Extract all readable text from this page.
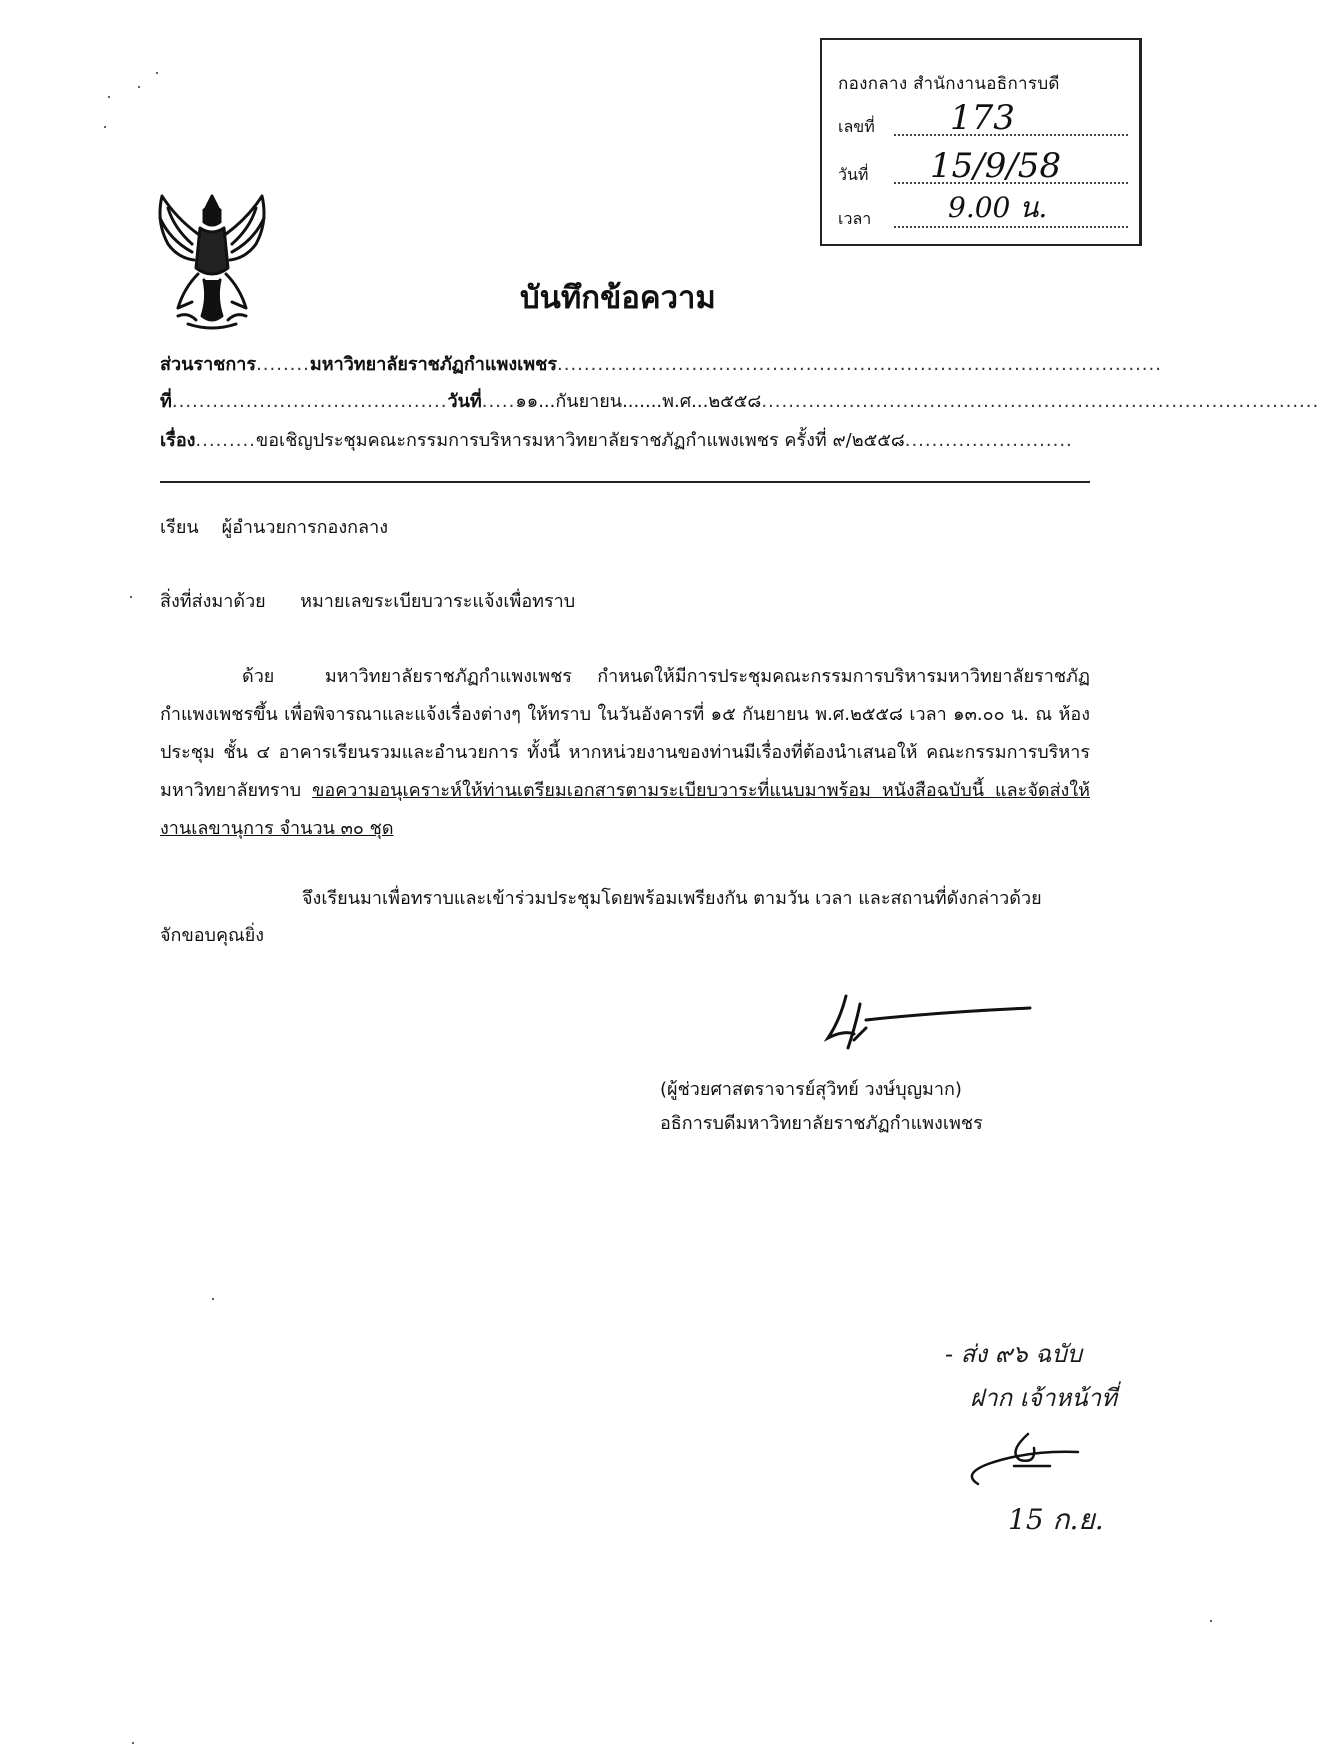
กองกลาง สำนักงานอธิการบดี
เลขที่ 173
วันที่ 15/9/58
เวลา	9.00 น.
บันทึกข้อความ
ส่วนราชการ........มหาวิทยาลัยราชภัฏกำแพงเพชร..........................................................................................
ที่.........................................วันที่.....๑๑...กันยายน.......พ.ศ...๒๕๕๘...................................................................................
เรื่อง.........ขอเชิญประชุมคณะกรรมการบริหารมหาวิทยาลัยราชภัฏกำแพงเพชร ครั้งที่ ๙/๒๕๕๘.........................
เรียน ผู้อำนวยการกองกลาง
สิ่งที่ส่งมาด้วย หมายเลขระเบียบวาระแจ้งเพื่อทราบ
ด้วย	มหาวิทยาลัยราชภัฏกำแพงเพชร กำหนดให้มีการประชุมคณะกรรมการบริหารมหาวิทยาลัยราชภัฏ กำแพงเพชรขึ้น เพื่อพิจารณาและแจ้งเรื่องต่างๆ ให้ทราบ ในวันอังคารที่ ๑๕ กันยายน พ.ศ.๒๕๕๘ เวลา ๑๓.๐๐ น. ณ ห้องประชุม ชั้น ๔ อาคารเรียนรวมและอำนวยการ ทั้งนี้ หากหน่วยงานของท่านมีเรื่องที่ต้องนำเสนอให้ คณะกรรมการบริหารมหาวิทยาลัยทราบ ขอความอนุเคราะห์ให้ท่านเตรียมเอกสารตามระเบียบวาระที่แนบมาพร้อม หนังสือฉบับนี้ และจัดส่งให้งานเลขานุการ จำนวน ๓๐ ชุด
จึงเรียนมาเพื่อทราบและเข้าร่วมประชุมโดยพร้อมเพรียงกัน ตามวัน เวลา และสถานที่ดังกล่าวด้วย
จักขอบคุณยิ่ง
(ผู้ช่วยศาสตราจารย์สุวิทย์ วงษ์บุญมาก)
อธิการบดีมหาวิทยาลัยราชภัฏกำแพงเพชร
- ส่ง ๙๖ ฉบับ
ฝาก เจ้าหน้าที่
15 ก.ย.
